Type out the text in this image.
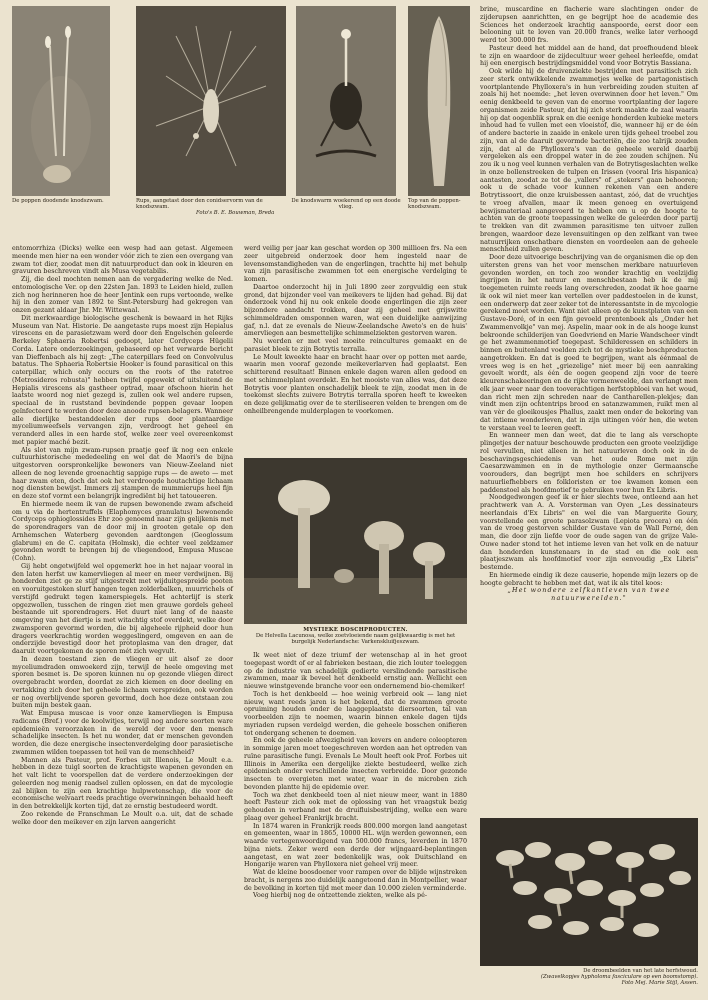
De poppen doodende knodszwam.	Rups, aangetast door den conidservorm van de knodszwam.
Foto's B. E. Bouwman, Breda
De knodswarm woekerend op een doode vlieg.
Top van de poppen-knodszwam.

entomorrhiza (Dicks) welke een wesp had aan getast. Algemeen meende men hier na een wonder vóór zich te zien een overgang van zwam tot dier, zoodat men dit natuurproduct dan ook in kleuren en gravuren beschreven vindt als Musa vegetabilis.

Zij, die deel mochten nemen aan de vergadering welke de Ned. entomologische Ver. op den 22sten Jan. 1893 te Leiden hield, zullen zich nog herinneren hoe de heer Jentink een rups vertoonde, welke hij in den zomer van 1892 te Sint-Petersburg had gekregen van onzen gezant aldaar Jhr. Mr. Wittewaal.

Dit merkwaardige biologische geschenk is bewaard in het Rijks Museum van Nat. Historie. De aangetaste rups moest zijn Hepialus virescens en de parasietzwam werd door den Engelschen geleerde Berkeley Sphaeria Robertsi gedoopt, later Cordyceps Hügelii Corda. Latere onderzoekingen, gebaseerd op het verwarde bericht van Dieffenbach als hij zegt: „The caterpillars feed on Convolvulus batatus. The Sphaeria Robertsie Hooker is found parasitical on this caterpillar, which only occurs on the roots of the ratetree (Metrosideros robusta)" hebben twijfel opgewekt of uitsluitend de Hepialis virescens als gastheer optrad, maar ofschoon hierin het laatste woord nog niet gezegd is, zullen ook wel andere rupsen, speciaal de in ruststand bevindende poppen gevaar loopen geïnfecteerd te worden door deze anoode rupsen-belagers. Wanneer alle dierlijke bestanddeelen der rups door plantaardige myceliumweefsels vervangen zijn, verdroogt het geheel en veranderd alles in een harde stof, welke zeer veel overeenkomst met papier maché bezit.

Als slot van mijn zwam-rupsen praatje geef ik nog een enkele cultuurhistorische mededeeling en wel dat de Maori's de bijna uitgestorven oorspronkelijke bewoners van Nieuw-Zeeland niet alleen de nog levende groenachtig sappige rups — de aweto — met haar zwam eten, doch dat ook het verdroogde houtachtige lichaam nog diensten bewijst. Immers zij stampen de mummierups heel fijn en deze stof vormt een belangrijk ingrediënt bij het tatoueeren.

En hiermede neem ik van de rupsen bewonende zwam afscheid om u via de hertentruffels (Elaphomyces granulatus) bewonende Cordyceps ophioglossides Ehr zoo genoemd naar zijn gelijkenis met de sporendragers van de door mij in grooten getale op den Arnhemschen Waterberg gevonden aardtongen (Geoglossum glabrum) en de C. capitata (Holmsk), die echter veel zeldzamer gevonden wordt te brengen bij de vliegendood, Empusa Muscae (Cohn).

Gij hebt ongetwijfeld wel opgemerkt hoe in het najaar vooral in den laten herfst uw kamervliegen al meer en meer verdwijnen. Bij honderden ziet ge ze stijf uitgestrekt met wijduitgespreide pooten en vooruitgestoken slurf hangen tegen zolderbalken, muurrichels of verstijfd gedrukt tegen kamerspiegels. Het achterlijf is sterk opgezwollen, tusschen de ringen ziet men grauwe gordels geheel bestaande uit sporendragers. Het duurt niet lang of de naaste omgeving van het diertje is met witachtig stof overdekt, welke door zwamsporen gevormd worden, die bij algeheele rijpheid door hun dragers veerkrachtig worden weggeslingerd, omgeven en aan de onderzijde bevestigd door het protoplasma van den drager, dat daaruit voortgekomen de sporen mét zich wegvult.

In dezen toestand zien de vliegen er uit alsof ze door myceliumdraden omwoekerd zijn, terwijl de heele omgeving met sporen besmet is. De sporen kunnen nu op gezonde vliegen direct overgebracht worden, doordat ze zich kiemen en door deeling en vertakking zich door het geheele lichaam verspreiden, ook worden er nog overblijvende sporen gevormd, doch hoe deze ontstaan zou buiten mijn bestek gaan.

Wat Empusa muscae is voor onze kamervliegen is Empusa radicans (Bref.) voor de koolwitjes, terwijl nog andere soorten ware epidemieën veroorzaken in de wereld der voor den mensch schadelijke insecten. Is het nu wonder, dat er menschen gevonden worden, die deze energische insectenverdelging door parasietische zwammen wilden toepassen tot heil van de menschheid?

Mannen als Pasteur, prof. Forbes uit Illenois, Le Moult e.a. hebben in deze tuigl soorten de krachtigste wapenen gevonden en het valt licht te voorspellen dat de verdere onderzoekingen der geleerden nog menig raadsel zullen oplossen, en dat de mycologie zal blijken te zijn een krachtige hulpwetenschap, die voor de economische welvaart reeds prachtige overwinningen behaald heeft in den betrekkelijk korten tijd, dat ze ernstig bestudeerd wordt.

Zoo rekende de Franschman Le Moult o.a. uit, dat de schade welke door den meikever en zijn larven aangericht

werd veilig per jaar kan geschat worden op 300 millioen frs. Na een zeer uitgebreid onderzoek door hem ingesteld naar de levensomstandigheden van de engerlingen, trachtte hij met behulp van zijn parasitische zwammen tot een energische verdelging te komen.

Daartoe onderzocht hij in Juli 1890 zeer zorgvuldig een stuk grond, dat bijzonder veel van meikevers te lijden had gehad. Bij dat onderzoek vond hij nu ook enkele doode engerlingen die zijn zeer bijzondere aandacht trokken, daar zij geheel met grijswitte schimmeldraden omsponnen waren, wat een duidelijke aanwijzing gaf, n.l. dat ze evenals de Nieuw-Zeelandsche Aweto's en de huis' amervliegen aan besmettelijke schimmelziekten gestorven waren.

Nu werden er met veel moeite reincultures gemaakt en de parasiet bleek te zijn Botrytis terralla.

Le Moult kweekte haar en bracht haar over op potten met aarde, waarin men vooraf gezonde meikeverlarven had geplaatst. Een schitterend resultaat! Binnen enkele dagen waren allen gedood en met schimmelplant overdekt. En het mooiste van alles was, dat deze Botrytis voor planten onschadelijk bleek te zijn, zoodat men in de toekomst slechts zuivere Botrytis terralla sporen heeft te kweeken en deze gelijkmatig over de te steriliseeren velden te brengen om de onheilbrengende mulderplagen te voorkomen.

MYSTIEKE BOSCHPRODUCTEN.
De Helvella Lacunosa, welke zoetvloeiende naam gelijkwaardig is met het burgelijk Nederlandsche: Varkenskluifjeszwam.

Ik weet niet of deze triumf der wetenschap al in het groot toegepast wordt of er al fabrieken bestaan, die zich louter toeleggen op de industrie van schadelijk gedierte verslindende parasitische zwammen, maar ik beveel het denkbeeld ernstig aan. Wellicht een nieuwe winstgevende branche voor een ondernemend bio-chemiker!

Toch is het denkbeeld — hoe weinig verbreid ook — lang niet nieuw, want reeds jaren is het bekend, dat de zwammen groote opruiming houden onder de laaggeplaatste diersoorten, tal van voorbeelden zijn te noemen, waarin binnen enkele dagen tijds myriaden rupsen verdelgd werden, die geheele bosschen onifieren tot ondergang schenen te doemen.

En ook de geheele afwezigheid van kevers en andere coleopteren in sommige jaren moet toegeschreven worden aan het optreden van ruïne parasitische fungi. Evenals Le Moult heeft ook Prof. Forbes uit Illinois in Amerika een dergelijke ziekte bestudeerd, welke zich epidemisch onder verschillende insecten verbreidde. Door gezonde insecten te overgieten met water, waar in de microben zich bevonden plantte hij de epidemie over.

Toch wa zhet denkbeeld toen al niet nieuw meer, want in 1880 heeft Pasteur zich ook met de oplossing van het vraagstuk bezig gehouden in verband met de druifluisbestrijding, welke een ware plaag over geheel Frankrijk bracht.

In 1874 waren in Frankrijk reeds 800.000 morgen land aangetast en gemeenten, waar in 1865, 10000 HL. wijn werden gewonnen, een waarde vertegenwoordigend van 500.000 francs, leverden in 1870 bijna niets. Zeker werd een derde der wijngaard-beplantingen aangetast, en wat zeer bedenkelijk was, ook Duitschland en Hongarije waren van Phylloxera niet geheel vrij meer.

Wat de kleine boosdoener voor rampen over de blijde wijnstreken bracht, is nergens zoo duidelijk aangetoond dan in Montpellier, waar de bevolking in korten tijd met meer dan 10.000 zielen verminderde.

Voeg hierbij nog de ontzettende ziekten, welke als pé-

brine, muscardine en flacherie ware slachtingen onder de zijderupsen aanrichtten, en ge begrijpt hoe de academie des Sciences het onderzoek krachtig aanspoorde, eerst door een belooning uit te loven van 20.000 francs, welke later verhoogd werd tot 300.000 frs.

Pasteur deed het middel aan de hand, dat proefhoudend bleek te zijn en waardoor de zijdecultuur weer geheel herleefde, omdat hij een energisch bestrijdingsmiddel vond voor Botrytis Bassiana.

Ook wilde hij de druivenziekte bestrijden met parasitisch zich zeer sterk ontwikkelende zwammetjes welke de partagonistisch voortplantende Phylloxera's in hun verbreiding zouden stuiten af zoals hij het noemde: „het leven overwinnen door het leven." Om eenig denkbeeld te geven van de enorme voortplanting der lagere organismen zeide Pasteur, dat hij zich sterk maakte de zaal waarin hij op dat oogenblik sprak en die eenige honderden kubieke meters inhoud had te vullen met een vloeistof, die, wanneer hij er de één of andere bacterie in zaaide in enkele uren tijds geheel troebel zou zijn, van al de daaruit gevormde bacteriën, die zoo talrijk zouden zijn, dat al de Phylloxera's van de geheele wereld daarbij vergeleken als een droppel water in de zee zouden schijnen. Nu zou ik u nog veel kunnen verhalen van de Botrytisgeslachten welke in onze bollenstreeken de tulpen en Irissen (vooral Iris hispanica) aantasten, zoodat ze tot de „vallers" of „stekers" gaan behooren; ook u de schade voor kunnen rekenen van een andere Botrytissoort, die onze kruisbessen aantast, zóó, dat de vruchtjes te vroeg afvallen, maar ik meen genoeg en overtuigend bewijsmateriaal aangevoerd te hebben om u op de hoogte te achten van de groote toepassingen welke de geleerden door partij te trekken van dit zwammen parasitisme ten uitvoer zullen brengen, waardoor deze levensuitingen op den zelfkant van twee natuurrijken onschatbare diensten en voordeelen aan de geheele menschheid zullen geven.

Door deze uitvoerige beschrijving van de organismen die op den uitersten grens van het voor menschen merkbare natuurleven gevonden worden, en toch zoo wonder krachtig en veelzijdig ingrijpen in het natuur en menschbestaan heb ik de mij toegemeten ruimte reeds lang overschreden, zoodat ik hoe gaarne ik ook wil niet meer kan vertellen over paddestoelen in de kunst, een onderwerp dat zeer zeker tot de interessantste in de mycologie gerekend moet worden. Want niet alleen op de kunstplaten van een Gustave-Doré, of in een fijn gevoeld prentenboek als „Onder het Zwammenvolkje" van mej. Aspelin, maar ook in de als hooge kunst bekroonde schilderijen van Goedvriend en Marie Wandscheer vindt ge het zwammenmotief toegepast. Schilderessen en schilders in binnen en buitenland voelden zich tot de mystieke boschproducten aangetrokken. En dat is goed te begrijpen, want als éénmaal de vrees weg is en het „griezelige" niet meer bij een aanraking gevoelt wordt, als één de oogen geopend zijn voor de teere kleurenschakeeringen en de rijke vormenweelde, dan verlangt men elk jaar weer naar den tooverachtigen herfstopbloei van het woud, dan richt men zijn schreden naar de Cantharellen-plekjes; dan vindt men zijn ochtentrips brood en satanzwammen, ruikt men al van vèr de gloeikousjes Phallus, zaakt men onder de bekoring van dat intieme wonderleven, dat in zijn uitingen vóór hen, die weten te verstaan veel te leeren geeft.

En wanneer men dan weet, dat die te lang als verschopte plingetjes der natuur beschouwde producten een groote veelzijdige rol vervullen, niet alleen in het natuurleven doch ook in de beschavingsgeschiedenis van het oude Rome met zijn Caesarzwammen en in de mythologie onzer Germaansche voorouders, dan begrijpt men hoe schilders en schrijvers natuurliefhebbers en folkloristen er toe kwamen komen een paddenstoel als hoofdmotief te gebruiken voor hun Ex Libris.

Noodgedwongen geef ik er hier slechts twee, ontleend aan het prachtwerk van A. A. Vorsterman van Oyen „Les dessinateurs neerlandais d'Ex Libris" en wel die van Marguerite Goury, voorstellende een groote parasolzwam (Lepiota procera) en één van de vroeg gestorven schilder Gustave van de Wall Perné, den man, die door zijn liefde voor de oude sagen van de grijze Vale-Ouwe nader stond tot het intieme leven van het volk en de natuur dan honderden kunstenaars in de stad en die ook een plaatjeszwam als hoofdmotief voor zijn eenvoudig „Ex Libris" bestemde.

En hiermede eindig ik deze causerie, hopende mijn lezers op de hoogte gebracht te hebben met dat, wat ik als titel koos:

„Het wondere zelfkantleven van twee natuurwerelden."

De droombeelden van het late herfstwoud.
(Zwavelkopjes hypholoma fasciculare op een boomstomp).
Foto Mej. Marie Stijl, Assen.
